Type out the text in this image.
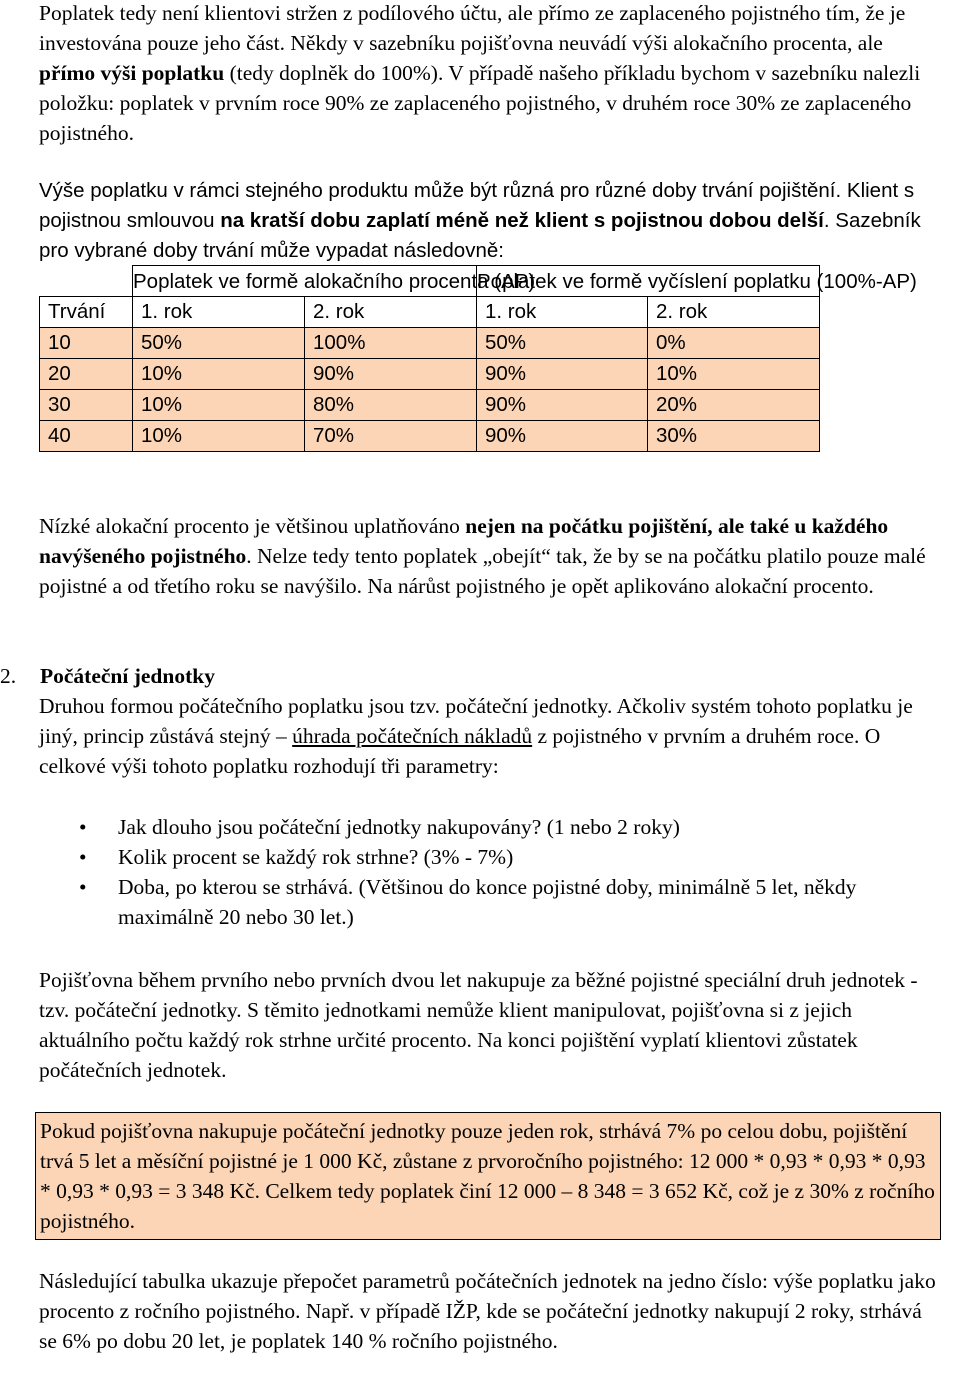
Poplatek tedy není klientovi stržen z podílového účtu, ale přímo ze zaplaceného pojistného tím, že je investována pouze jeho část. Někdy v sazebníku pojišťovna neuvádí výši alokačního procenta, ale přímo výši poplatku (tedy doplněk do 100%). V případě našeho příkladu bychom v sazebníku nalezli položku: poplatek v prvním roce 90% ze zaplaceného pojistného, v druhém roce 30% ze zaplaceného pojistného.

Výše poplatku v rámci stejného produktu může být různá pro různé doby trvání pojištění. Klient s pojistnou smlouvou na kratší dobu zaplatí méně než klient s pojistnou dobou delší. Sazebník pro vybrané doby trvání může vypadat následovně:

	Poplatek ve formě alokačního procenta (AP)		Poplatek ve formě vyčíslení poplatku (100%-AP)	
Trvání	1. rok	2. rok	1. rok	2. rok
10	50%	100%	50%	0%
20	10%	90%	90%	10%
30	10%	80%	90%	20%
40	10%	70%	90%	30%

Nízké alokační procento je většinou uplatňováno nejen na počátku pojištění, ale také u každého navýšeného pojistného. Nelze tedy tento poplatek „obejít“ tak, že by se na počátku platilo pouze malé pojistné a od třetího roku se navýšilo. Na nárůst pojistného je opět aplikováno alokační procento.

2. Počáteční jednotky

Druhou formou počátečního poplatku jsou tzv. počáteční jednotky. Ačkoliv systém tohoto poplatku je jiný, princip zůstává stejný – úhrada počátečních nákladů z pojistného v prvním a druhém roce. O celkové výši tohoto poplatku rozhodují tři parametry:

• Jak dlouho jsou počáteční jednotky nakupovány? (1 nebo 2 roky)
• Kolik procent se každý rok strhne? (3% - 7%)
• Doba, po kterou se strhává. (Většinou do konce pojistné doby, minimálně 5 let, někdy maximálně 20 nebo 30 let.)

Pojišťovna během prvního nebo prvních dvou let nakupuje za běžné pojistné speciální druh jednotek - tzv. počáteční jednotky. S těmito jednotkami nemůže klient manipulovat, pojišťovna si z jejich aktuálního počtu každý rok strhne určité procento. Na konci pojištění vyplatí klientovi zůstatek počátečních jednotek.

Pokud pojišťovna nakupuje počáteční jednotky pouze jeden rok, strhává 7% po celou dobu, pojištění trvá 5 let a měsíční pojistné je 1 000 Kč, zůstane z prvoročního pojistného: 12 000 * 0,93 * 0,93 * 0,93 * 0,93 * 0,93 = 3 348 Kč. Celkem tedy poplatek činí 12 000 – 8 348 = 3 652 Kč, což je z 30% z ročního pojistného.

Následující tabulka ukazuje přepočet parametrů počátečních jednotek na jedno číslo: výše poplatku jako procento z ročního pojistného. Např. v případě IŽP, kde se počáteční jednotky nakupují 2 roky, strhává se 6% po dobu 20 let, je poplatek 140 % ročního pojistného.
